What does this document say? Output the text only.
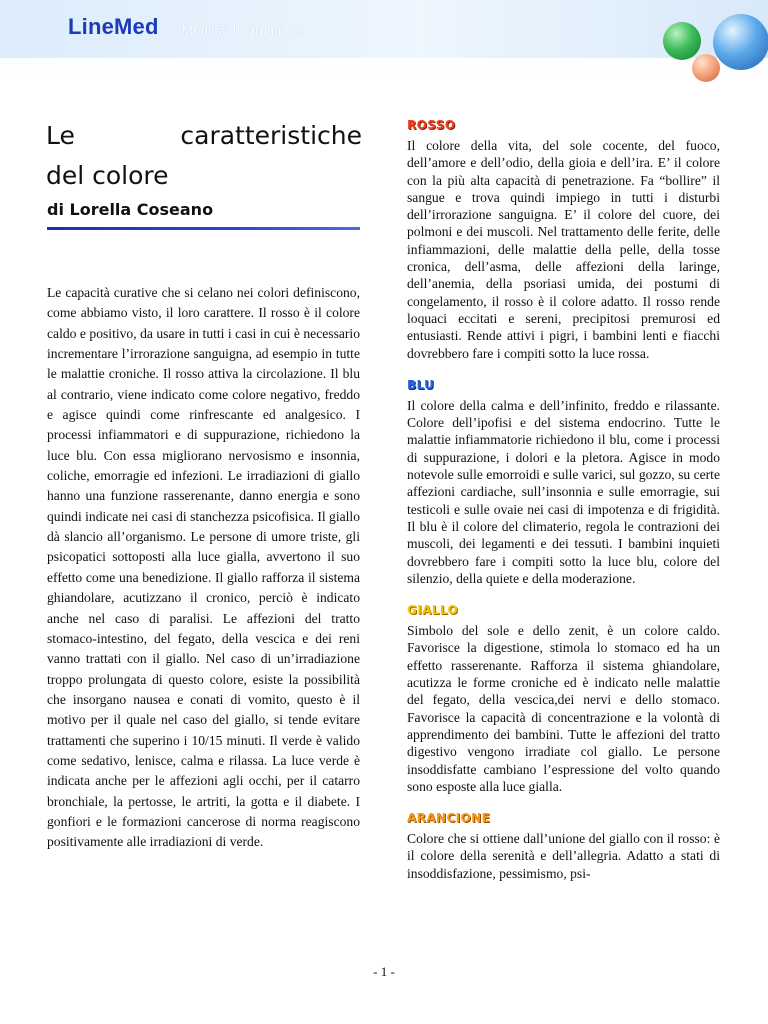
LineMed Medical Instruments
Le	caratteristiche
del colore
di Lorella Coseano
Le capacità curative che si celano nei colori definiscono, come abbiamo visto, il loro carattere. Il rosso è il colore caldo e positivo, da usare in tutti i casi in cui è necessario incrementare l’irrorazione sanguigna, ad esempio in tutte le malattie croniche. Il rosso attiva la circolazione. Il blu al contrario, viene indicato come colore negativo, freddo e agisce quindi come rinfrescante ed analgesico. I processi infiammatori e di suppurazione, richiedono la luce blu. Con essa migliorano nervosismo e insonnia, coliche, emorragie ed infezioni. Le irradiazioni di giallo hanno una funzione rasserenante, danno energia e sono quindi indicate nei casi di stanchezza psicofisica. Il giallo dà slancio all’organismo. Le persone di umore triste, gli psicopatici sottoposti alla luce gialla, avvertono il suo effetto come una benedizione. Il giallo rafforza il sistema ghiandolare, acutizzano il cronico, perciò è indicato anche nel caso di paralisi. Le affezioni del tratto stomaco-intestino, del fegato, della vescica e dei reni vanno trattati con il giallo. Nel caso di un’irradiazione troppo prolungata di questo colore, esiste la possibilità che insorgano nausea e conati di vomito, questo è il motivo per il quale nel caso del giallo, si tende evitare trattamenti che superino i 10/15 minuti. Il verde è valido come sedativo, lenisce, calma e rilassa. La luce verde è indicata anche per le affezioni agli occhi, per il catarro bronchiale, la pertosse, le artriti, la gotta e il diabete. I gonfiori e le formazioni cancerose di norma reagiscono positivamente alle irradiazioni di verde.
ROSSO

Il colore della vita, del sole cocente, del fuoco, dell’amore e dell’odio, della gioia e dell’ira. E’ il colore con la più alta capacità di penetrazione. Fa “bollire” il sangue e trova quindi impiego in tutti i disturbi dell’irrorazione sanguigna. E’ il colore del cuore, dei polmoni e dei muscoli. Nel trattamento delle ferite, delle infiammazioni, delle malattie della pelle, della tosse cronica, dell’asma, delle affezioni della laringe, dell’anemia, della psoriasi umida, dei postumi di congelamento, il rosso è il colore adatto. Il rosso rende loquaci eccitati e sereni, precipitosi premurosi ed entusiasti. Rende attivi i pigri, i bambini lenti e fiacchi dovrebbero fare i compiti sotto la luce rossa.

BLU

Il colore della calma e dell’infinito, freddo e rilassante. Colore dell’ipofisi e del sistema endocrino. Tutte le malattie infiammatorie richiedono il blu, come i processi di suppurazione, i dolori e la pletora. Agisce in modo notevole sulle emorroidi e sulle varici, sul gozzo, su certe affezioni cardiache, sull’insonnia e sulle emorragie, sui testicoli e sulle ovaie nei casi di impotenza e di frigidità. Il blu è il colore del climaterio, regola le contrazioni dei muscoli, dei legamenti e dei tessuti. I bambini inquieti dovrebbero fare i compiti sotto la luce blu, colore del silenzio, della quiete e della moderazione.

GIALLO

Simbolo del sole e dello zenit, è un colore caldo. Favorisce la digestione, stimola lo stomaco ed ha un effetto rasserenante. Rafforza il sistema ghiandolare, acutizza le forme croniche ed è indicato nelle malattie del fegato, della vescica,dei nervi e dello stomaco. Favorisce la capacità di concentrazione e la volontà di apprendimento dei bambini. Tutte le affezioni del tratto digestivo vengono irradiate col giallo. Le persone insoddisfatte cambiano l’espressione del volto quando sono esposte alla luce gialla.

ARANCIONE

Colore che si ottiene dall’unione del giallo con il rosso: è il colore della serenità e dell’allegria. Adatto a stati di insoddisfazione, pessimismo, psi-

- 1 -
